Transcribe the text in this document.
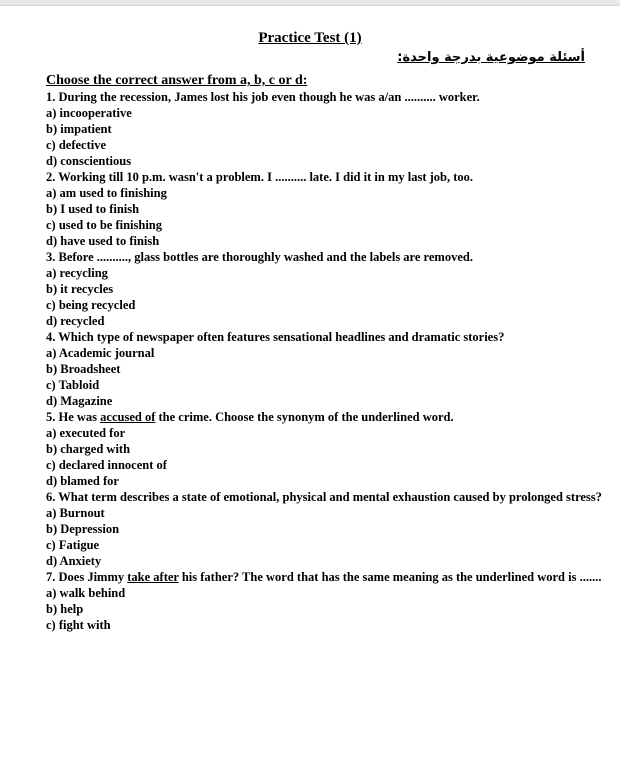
Practice Test (1)
أسئلة موضوعية بدرجة واحدة:
Choose the correct answer from a, b, c or d:
1. During the recession, James lost his job even though he was a/an .......... worker.
a) incooperative
b) impatient
c) defective
d) conscientious
2. Working till 10 p.m. wasn't a problem. I .......... late. I did it in my last job, too.
a) am used to finishing
b) I used to finish
c) used to be finishing
d) have used to finish
3. Before .........., glass bottles are thoroughly washed and the labels are removed.
a) recycling
b) it recycles
c) being recycled
d) recycled
4. Which type of newspaper often features sensational headlines and dramatic stories?
a) Academic journal
b) Broadsheet
c) Tabloid
d) Magazine
5. He was accused of the crime. Choose the synonym of the underlined word.
a) executed for
b) charged with
c) declared innocent of
d) blamed for
6. What term describes a state of emotional, physical and mental exhaustion caused by prolonged stress?
a) Burnout
b) Depression
c) Fatigue
d) Anxiety
7. Does Jimmy take after his father? The word that has the same meaning as the underlined word is .......
a) walk behind
b) help
c) fight with
